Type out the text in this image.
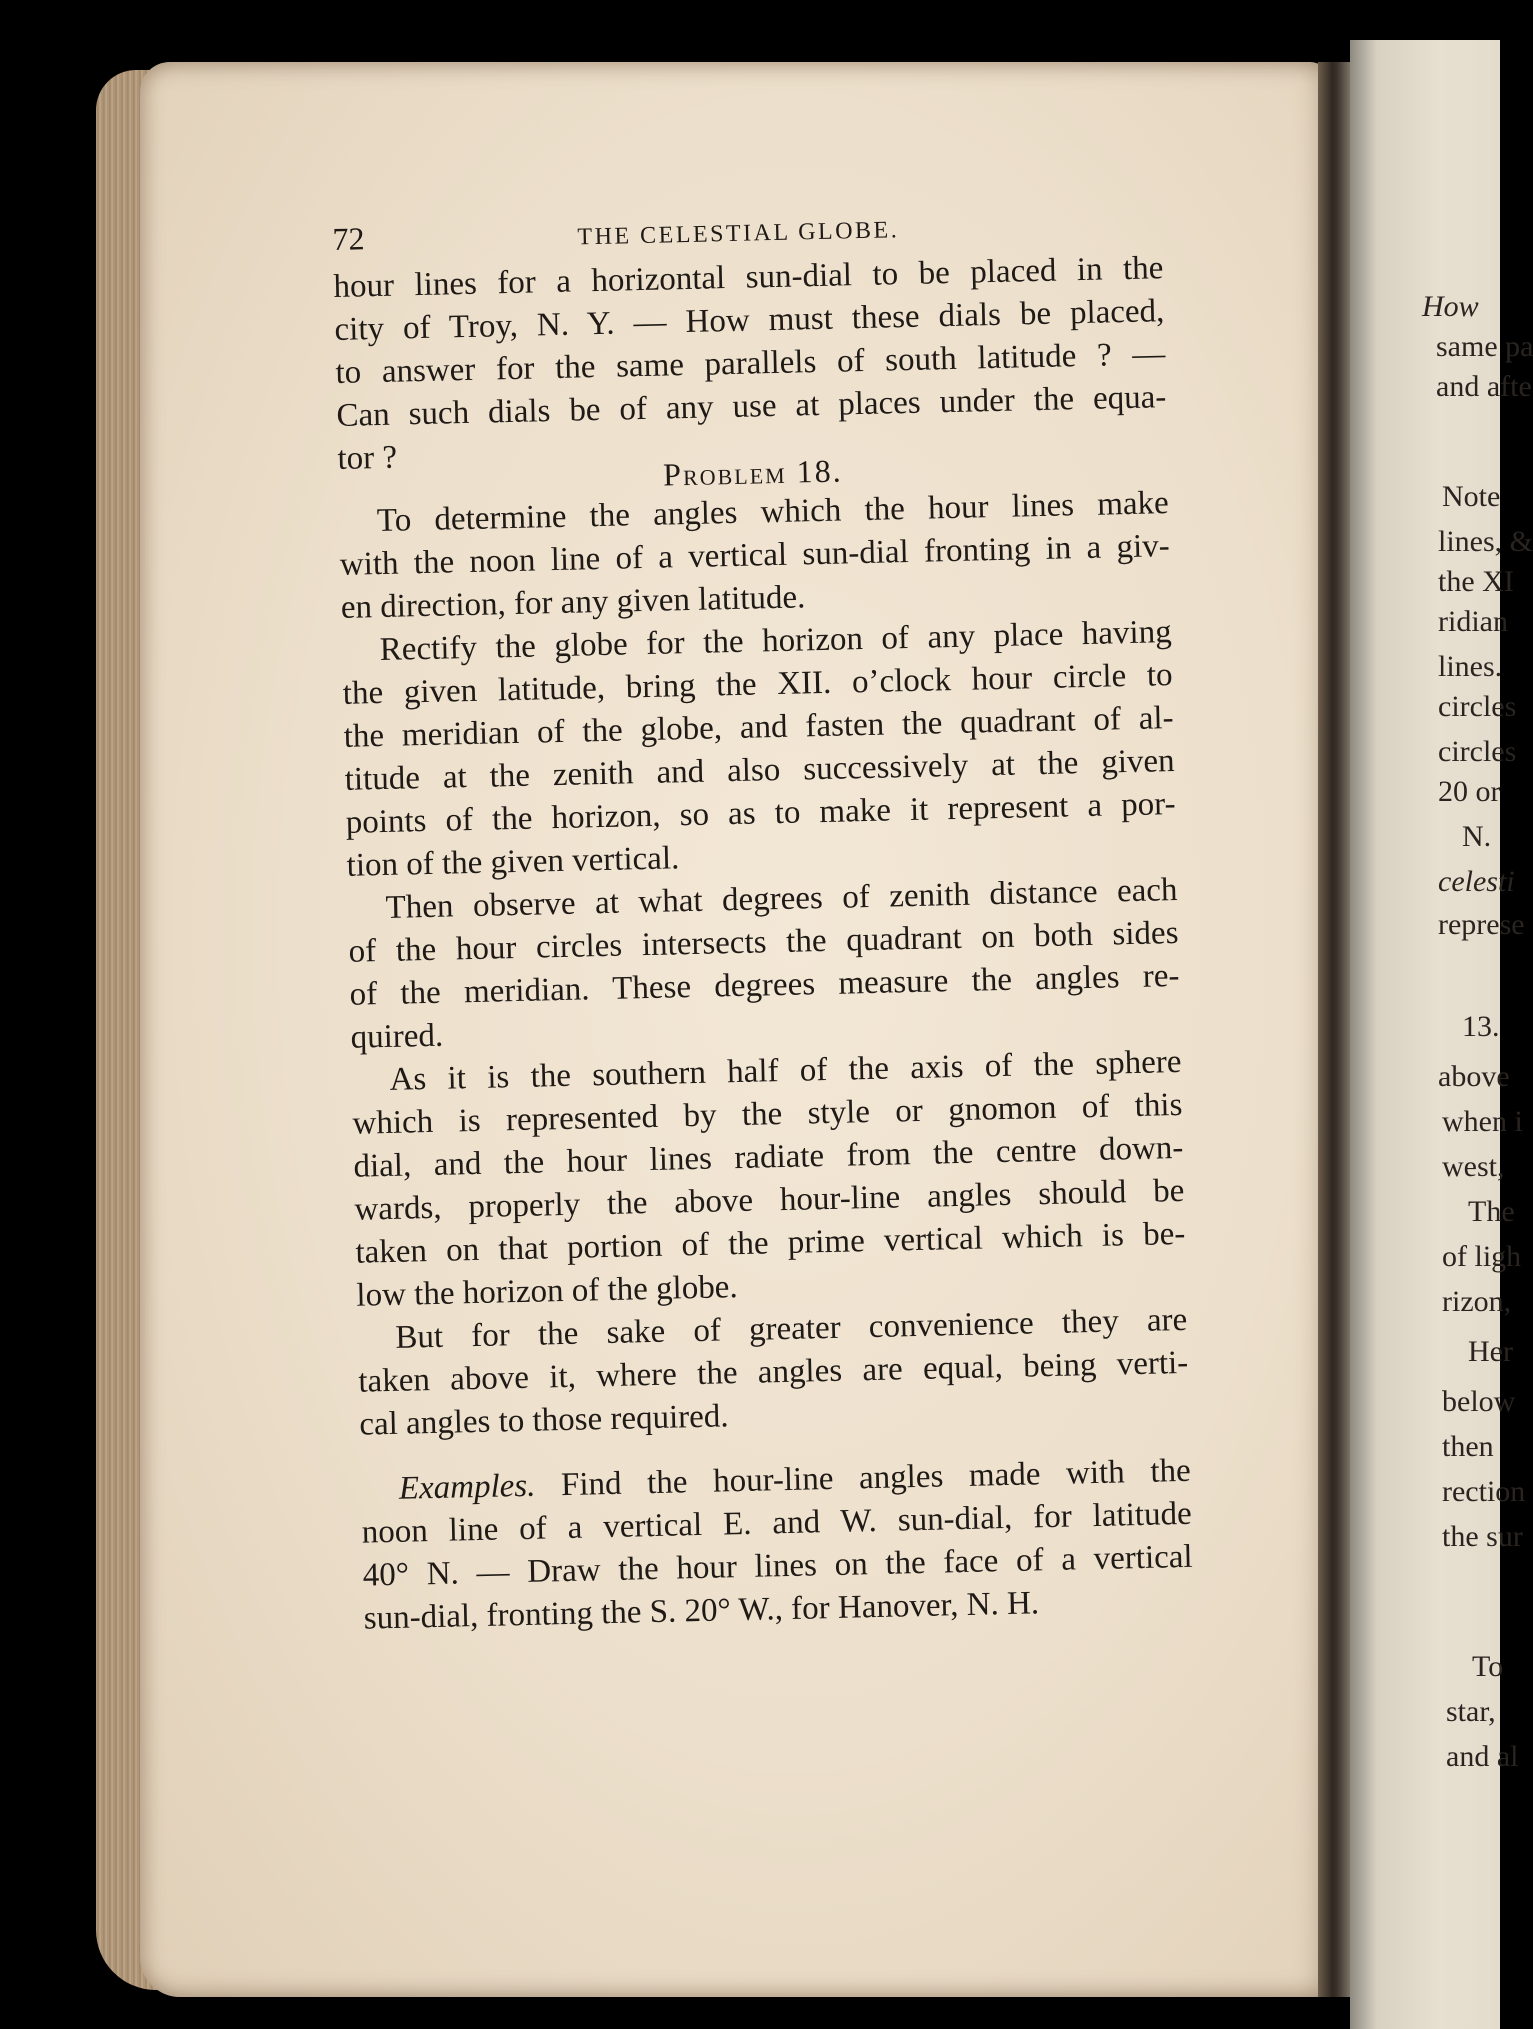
72	THE CELESTIAL GLOBE.

hour lines for a horizontal sun-dial to be placed in the

city of Troy, N. Y. — How must these dials be placed,

to answer for the same parallels of south latitude ? —

Can such dials be of any use at places under the equa-

tor ?	Problem 18.

To determine the angles which the hour lines make

with the noon line of a vertical sun-dial fronting in a giv-

en direction, for any given latitude.

Rectify the globe for the horizon of any place having

the given latitude, bring the XII. o’clock hour circle to

the meridian of the globe, and fasten the quadrant of al-

titude at the zenith and also successively at the given

points of the horizon, so as to make it represent a por-

tion of the given vertical.

Then observe at what degrees of zenith distance each

of the hour circles intersects the quadrant on both sides

of the meridian. These degrees measure the angles re-

quired.

As it is the southern half of the axis of the sphere

which is represented by the style or gnomon of this

dial, and the hour lines radiate from the centre down-

wards, properly the above hour-line angles should be

taken on that portion of the prime vertical which is be-

low the horizon of the globe.

But for the sake of greater convenience they are

taken above it, where the angles are equal, being verti-

cal angles to those required.

Examples. Find the hour-line angles made with the

noon line of a vertical E. and W. sun-dial, for latitude

40° N. — Draw the hour lines on the face of a vertical

sun-dial, fronting the S. 20° W., for Hanover, N. H.

How
same pa
and afte
Note
lines, &
the XI
ridian
lines.
circles
circles
20 or
N.
celesti
represe
13.
above
when i
west,
The
of ligh
rizon,
Her
below
then
rection
the sur
To
star,
and al
